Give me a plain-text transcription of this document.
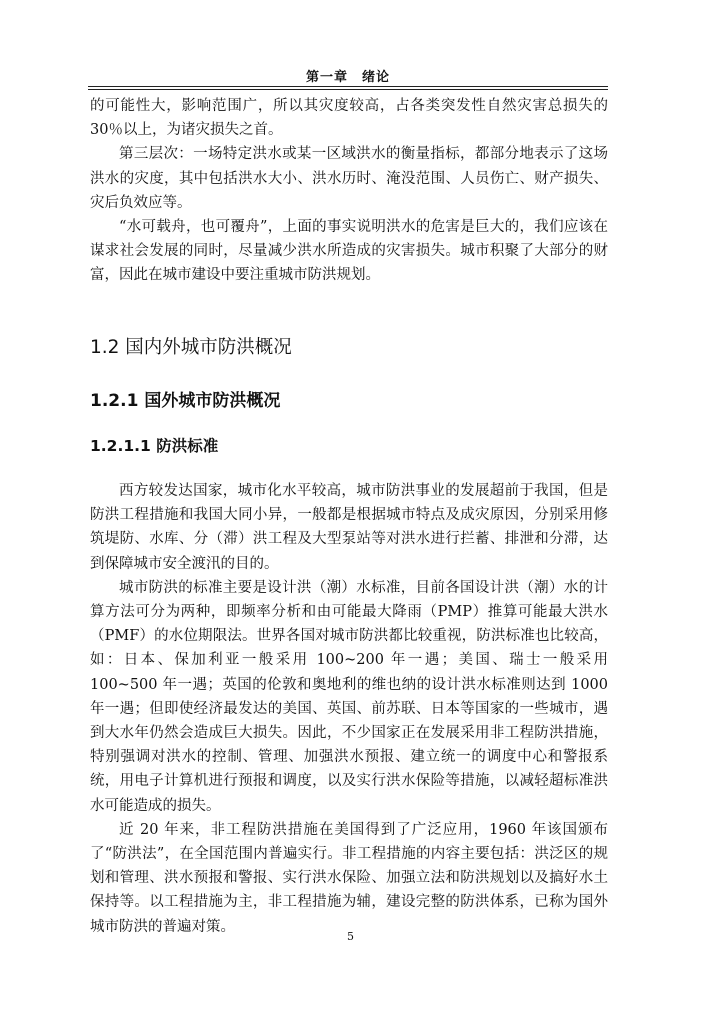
第一章　绪论

的可能性大，影响范围广，所以其灾度较高，占各类突发性自然灾害总损失的 30％以上，为诸灾损失之首。

第三层次：一场特定洪水或某一区域洪水的衡量指标，都部分地表示了这场洪水的灾度，其中包括洪水大小、洪水历时、淹没范围、人员伤亡、财产损失、灾后负效应等。

“水可载舟，也可覆舟”，上面的事实说明洪水的危害是巨大的，我们应该在谋求社会发展的同时，尽量减少洪水所造成的灾害损失。城市积聚了大部分的财富，因此在城市建设中要注重城市防洪规划。

1.2 国内外城市防洪概况
1.2.1 国外城市防洪概况
1.2.1.1 防洪标准

西方较发达国家，城市化水平较高，城市防洪事业的发展超前于我国，但是防洪工程措施和我国大同小异，一般都是根据城市特点及成灾原因，分别采用修筑堤防、水库、分（滞）洪工程及大型泵站等对洪水进行拦蓄、排泄和分滞，达到保障城市安全渡汛的目的。

城市防洪的标准主要是设计洪（潮）水标准，目前各国设计洪（潮）水的计算方法可分为两种，即频率分析和由可能最大降雨（PMP）推算可能最大洪水（PMF）的水位期限法。世界各国对城市防洪都比较重视，防洪标准也比较高，如：日本、保加利亚一般采用 100~200 年一遇；美国、瑞士一般采用 100~500 年一遇；英国的伦敦和奥地利的维也纳的设计洪水标准则达到 1000 年一遇；但即使经济最发达的美国、英国、前苏联、日本等国家的一些城市，遇到大水年仍然会造成巨大损失。因此，不少国家正在发展采用非工程防洪措施，特别强调对洪水的控制、管理、加强洪水预报、建立统一的调度中心和警报系统，用电子计算机进行预报和调度，以及实行洪水保险等措施，以减轻超标准洪水可能造成的损失。

近 20 年来，非工程防洪措施在美国得到了广泛应用，1960 年该国颁布了“防洪法”，在全国范围内普遍实行。非工程措施的内容主要包括：洪泛区的规划和管理、洪水预报和警报、实行洪水保险、加强立法和防洪规划以及搞好水土保持等。以工程措施为主，非工程措施为辅，建设完整的防洪体系，已称为国外城市防洪的普遍对策。

5
